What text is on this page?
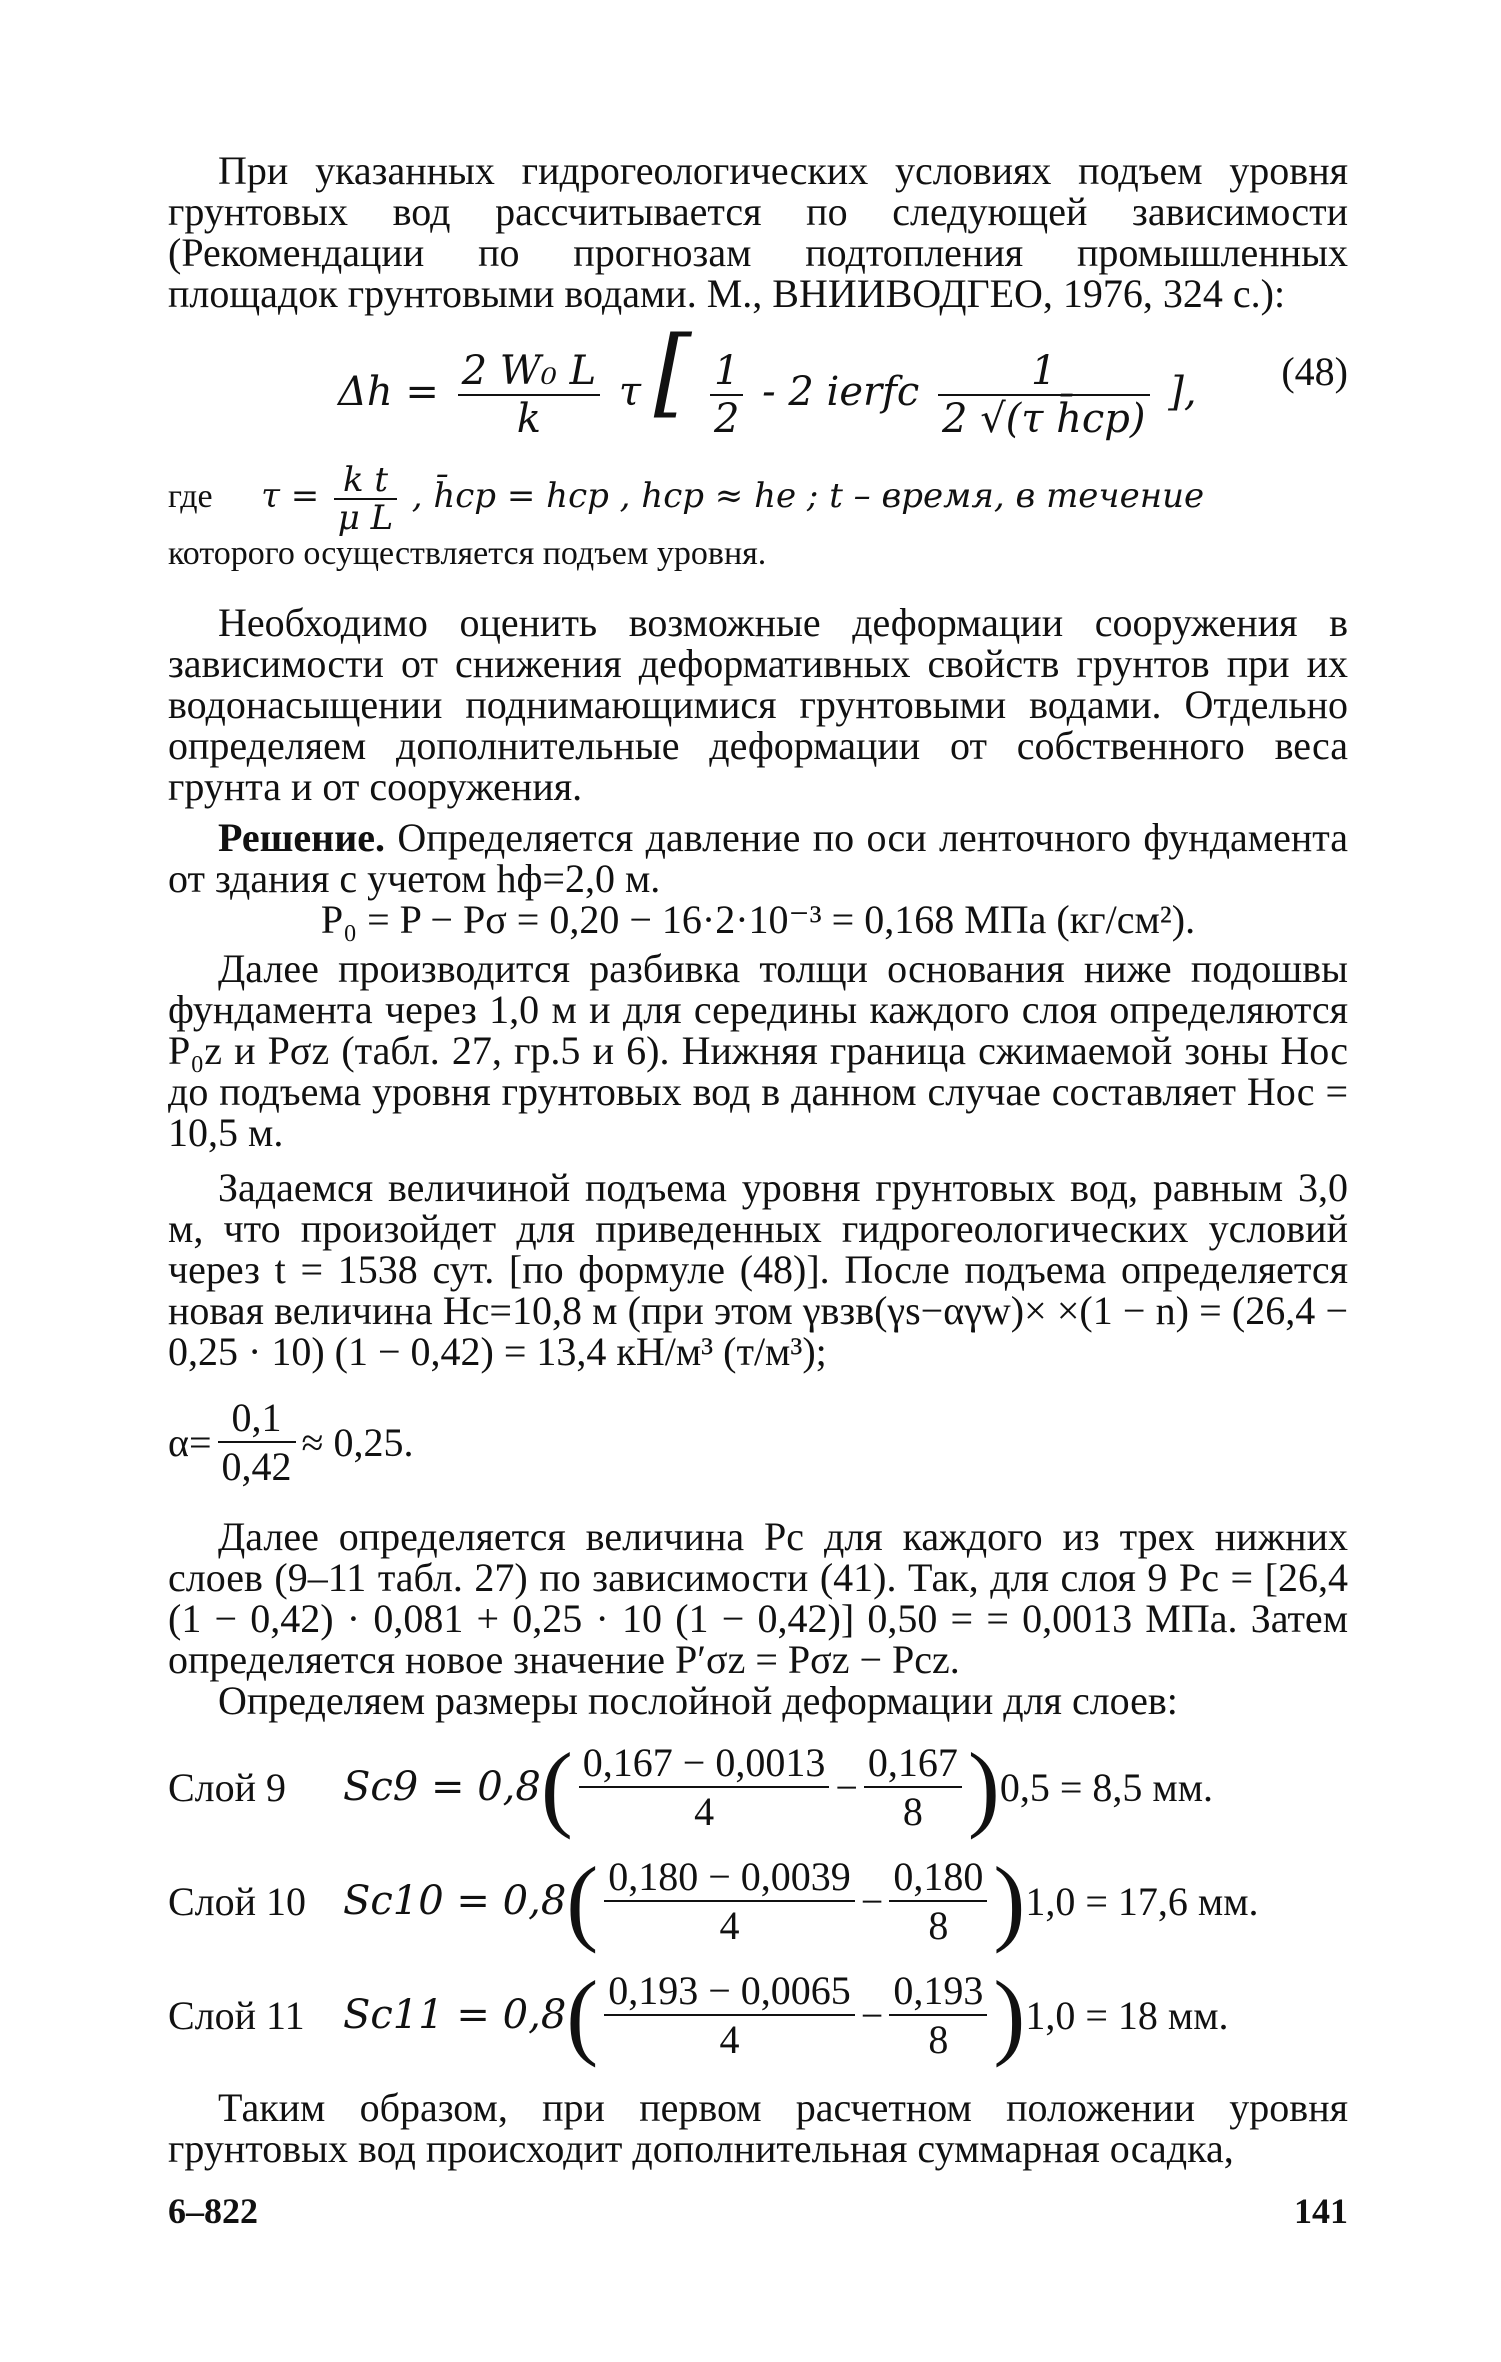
При указанных гидрогеологических условиях подъем уровня грунтовых вод рассчитывается по следующей зависимости (Рекомендации по прогнозам подтопления промышленных площадок грунтовыми водами. М., ВНИИВОДГЕО, 1976, 324 с.):

$\Delta h = \frac{\text{2 W₀ L}}{k}$ τ [ $\frac{1}{2} - 2$ ierfc $\frac{1}{\text{2 √(τ h̄cp)}}$ ], (48)
где $\tau = \frac{\text{k t}}{\text{μ L}}$ , h̄cp = hcp , hcp ≈ he ; t – время, в течение
которого осуществляется подъем уровня.

Необходимо оценить возможные деформации сооружения в зависимости от снижения деформативных свойств грунтов при их водонасыщении поднимающимися грунтовыми водами. Отдельно определяем дополнительные деформации от собственного веса грунта и от сооружения.

Решение. Определяется давление по оси ленточного фундамента от здания с учетом hф=2,0 м.

P₀ = P − Pσ = 0,20 − 16·2·10⁻³ = 0,168 МПа (кг/см²).

Далее производится разбивка толщи основания ниже подошвы фундамента через 1,0 м и для середины каждого слоя определяются P₀z и Pσz (табл. 27, гр.5 и 6). Нижняя граница сжимаемой зоны Hос до подъема уровня грунтовых вод в данном случае составляет Hос = 10,5 м.

Задаемся величиной подъема уровня грунтовых вод, равным 3,0 м, что произойдет для приведенных гидрогеологических условий через t = 1538 сут. [по формуле (48)]. После подъема определяется новая величина Hс=10,8 м (при этом γвзв(γs−αγw)× ×(1 − n) = (26,4 − 0,25 · 10) (1 − 0,42) = 13,4 кН/м³ (т/м³);

$\alpha= \frac{0,1}{0,42} \approx 0,25$.

Далее определяется величина Pс для каждого из трех нижних слоев (9–11 табл. 27) по зависимости (41). Так, для слоя 9 Pс = [26,4 (1 − 0,42) · 0,081 + 0,25 · 10 (1 − 0,42)] 0,50 = = 0,0013 МПа. Затем определяется новое значение P′σz = Pσz − Pсz.

Определяем размеры послойной деформации для слоев:

Слой 9	Sс9 = 0,8 ( $\frac{0,167 - 0,0013}{4} - \frac{0,167}{8}$ ) 0,5 = 8,5 мм.
Слой 10 Sс10 = 0,8 ( $\frac{0,180 - 0,0039}{4} - \frac{0,180}{8}$ ) 1,0 = 17,6 мм.
Слой 11 Sс11 = 0,8 ( $\frac{0,193 - 0,0065}{4} - \frac{0,193}{8}$ ) 1,0 = 18 мм.

Таким образом, при первом расчетном положении уровня грунтовых вод происходит дополнительная суммарная осадка,

6–822	141
